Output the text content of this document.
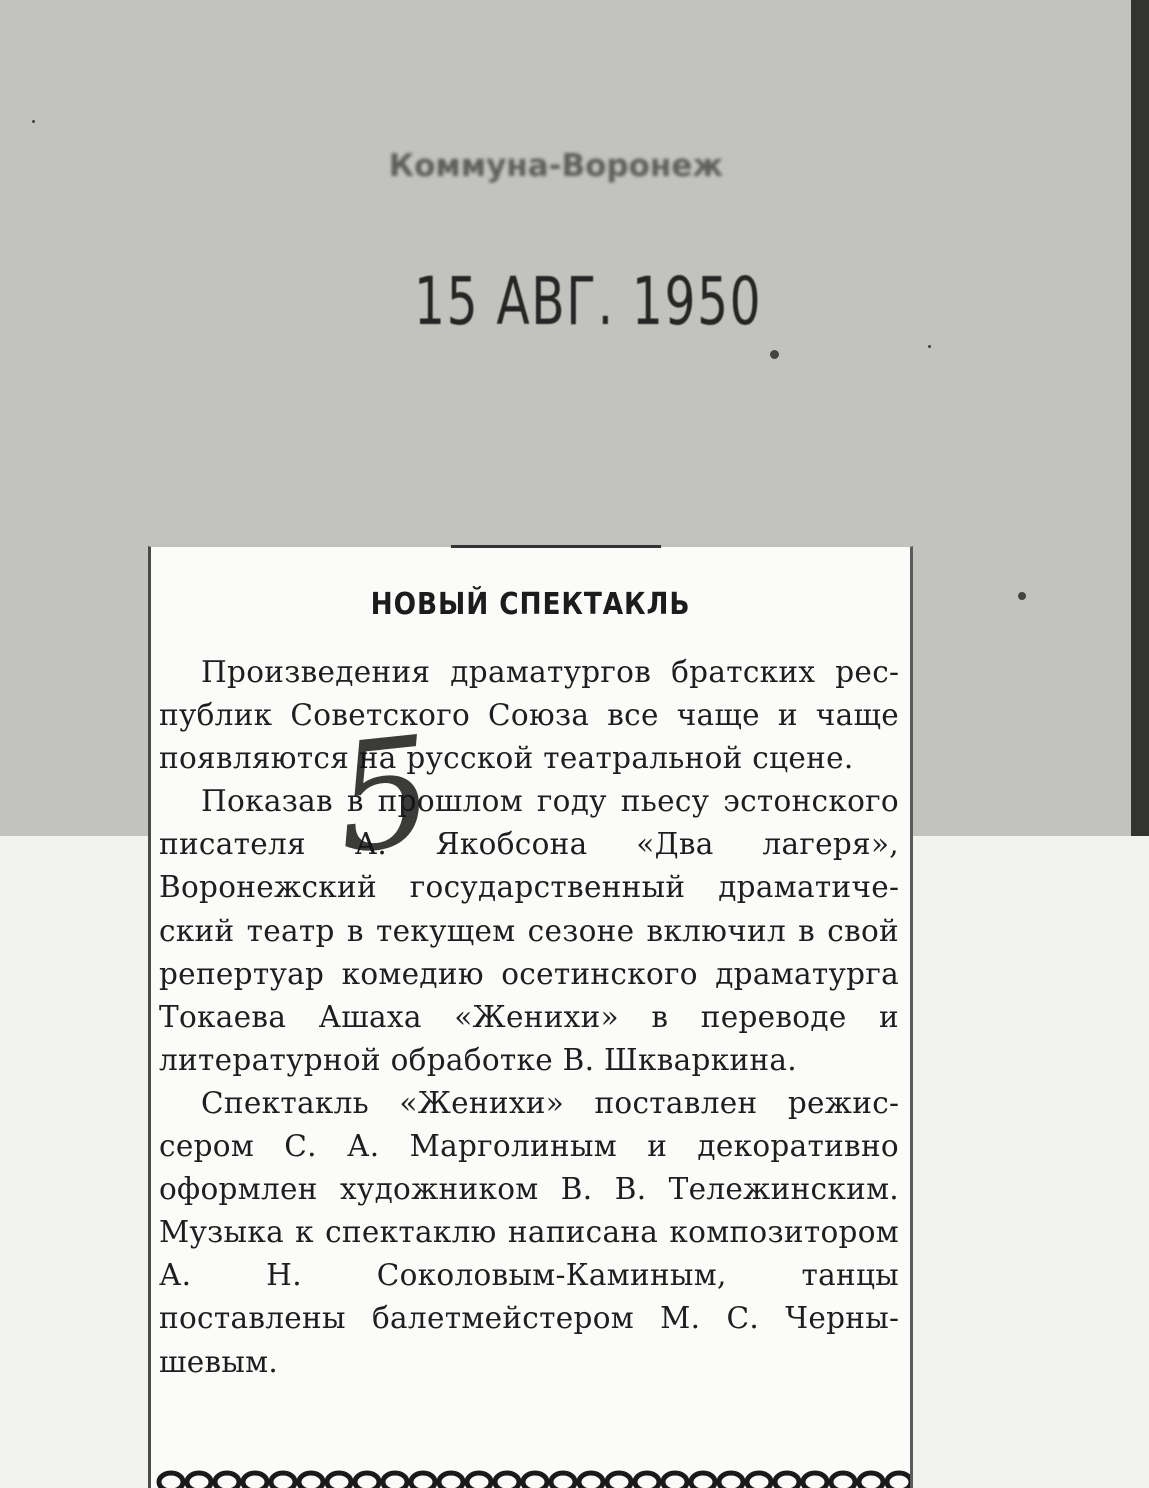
Коммуна-Воронеж
15 АВГ. 1950
НОВЫЙ СПЕКТАКЛЬ

Произведения драматургов братских республик Советского Союза все чаще и чаще появляются на русской театральной сцене.

Показав в прошлом году пьесу эстонского писателя А. Якобсона «Два лагеря», Воронежский государственный драматический театр в текущем сезоне включил в свой репертуар комедию осетинского драматурга Токаева Ашаха «Женихи» в переводе и литературной обработке В. Шкваркина.

Спектакль «Женихи» поставлен режиссером С. А. Марголиным и декоративно оформлен художником В. В. Тележинским. Музыка к спектаклю написана композитором А. Н. Соколовым-Каминым, танцы поставлены балетмейстером М. С. Чернышевым.

5
